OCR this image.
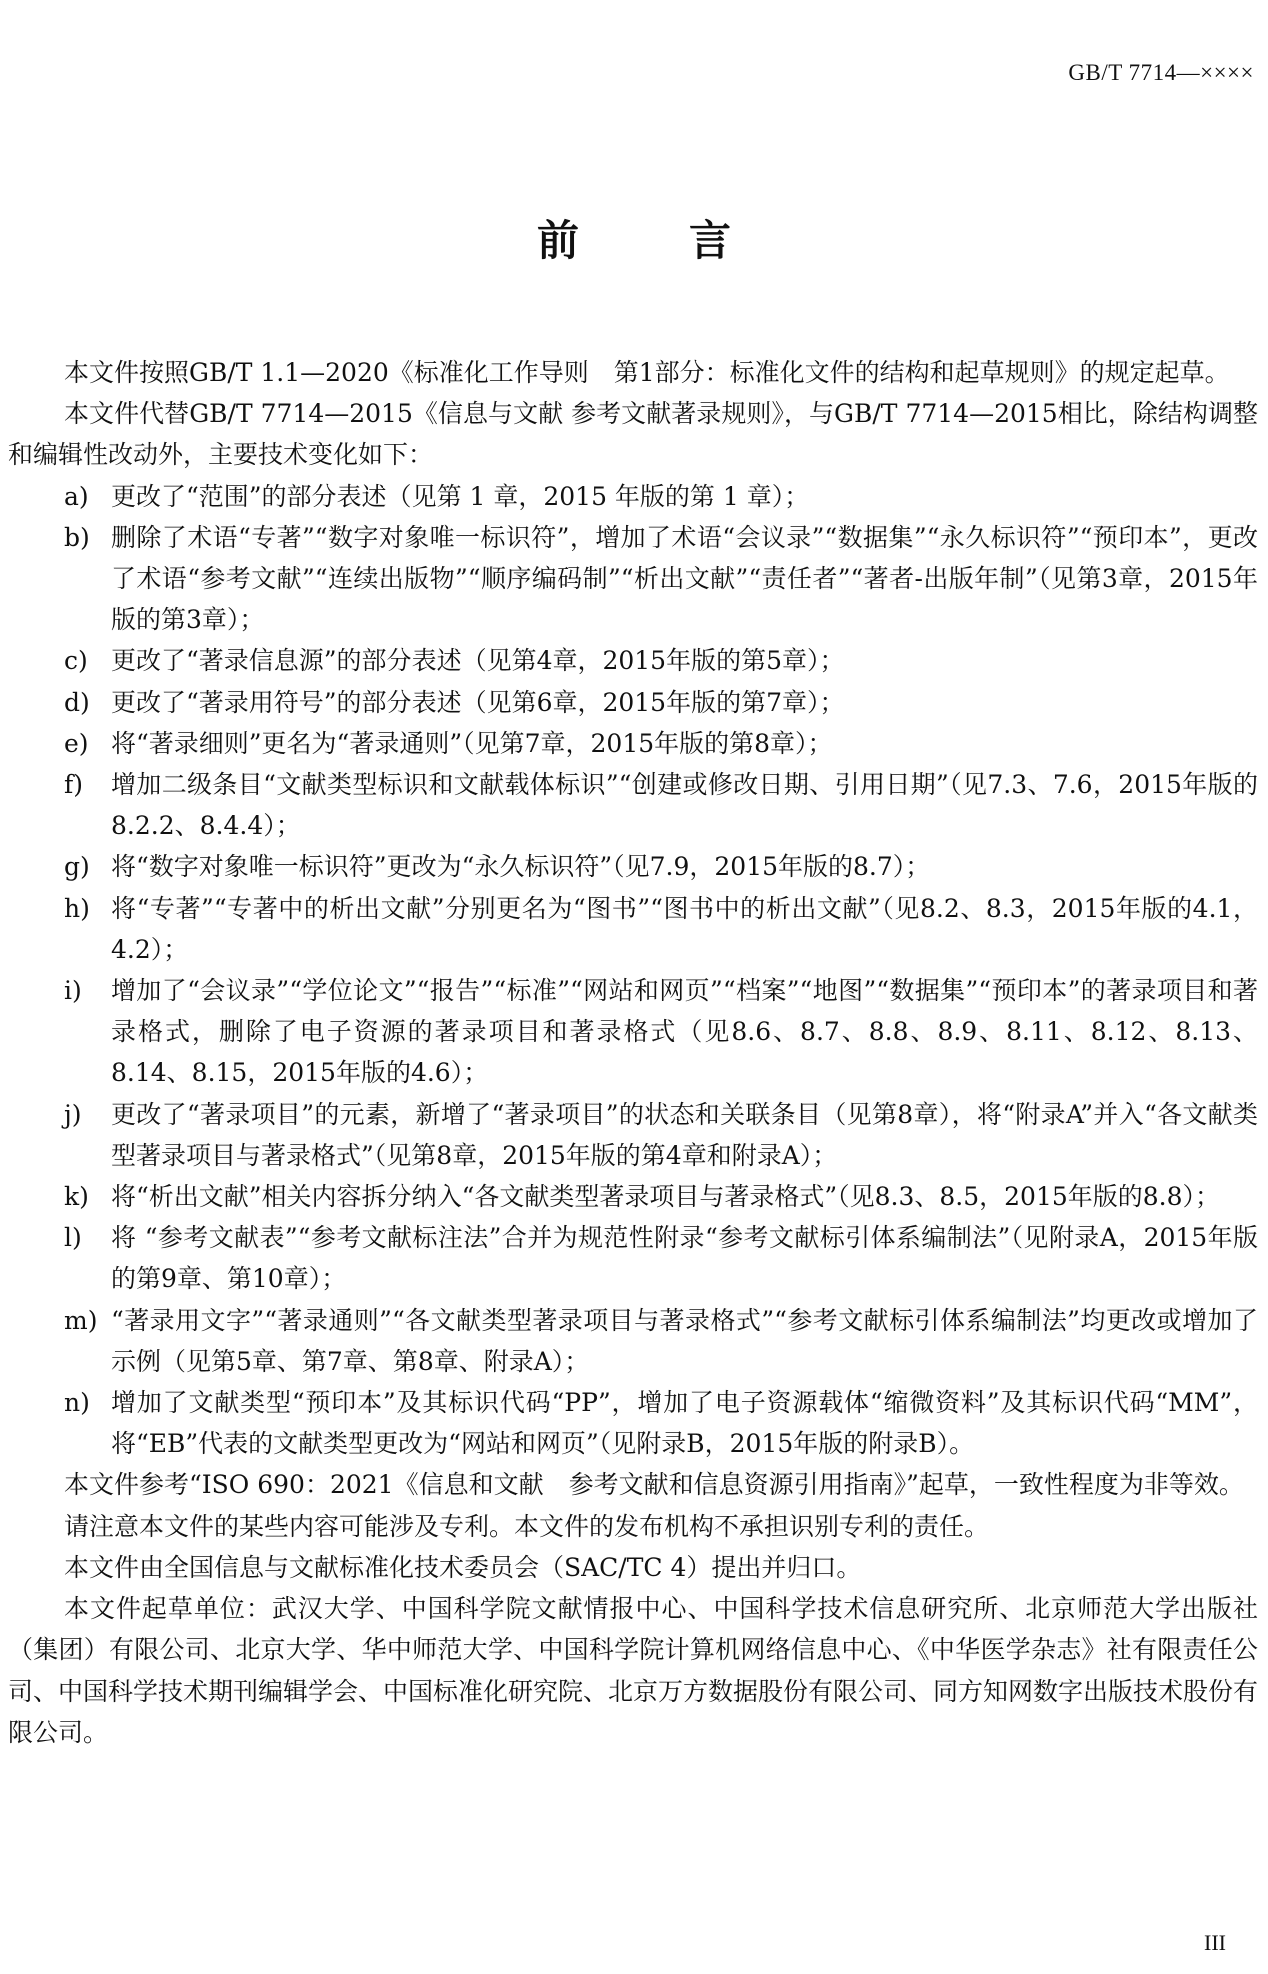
GB/T 7714—××××
前言

本文件按照GB/T 1.1—2020《标准化工作导则　第1部分：标准化文件的结构和起草规则》的规定起草。

本文件代替GB/T 7714—2015《信息与文献 参考文献著录规则》，与GB/T 7714—2015相比，除结构调整和编辑性改动外，主要技术变化如下：

a) 更改了“范围”的部分表述（见第 1 章，2015 年版的第 1 章）；
b) 删除了术语“专著”“数字对象唯一标识符”，增加了术语“会议录”“数据集”“永久标识符”“预印本”，更改了术语“参考文献”“连续出版物”“顺序编码制”“析出文献”“责任者”“著者-出版年制”（见第3章，2015年版的第3章）；
c) 更改了“著录信息源”的部分表述（见第4章，2015年版的第5章）；
d) 更改了“著录用符号”的部分表述（见第6章，2015年版的第7章）；
e) 将“著录细则”更名为“著录通则”（见第7章，2015年版的第8章）；
f) 增加二级条目“文献类型标识和文献载体标识”“创建或修改日期、引用日期”（见7.3、7.6，2015年版的8.2.2、8.4.4）；
g) 将“数字对象唯一标识符”更改为“永久标识符”（见7.9，2015年版的8.7）；
h) 将“专著”“专著中的析出文献”分别更名为“图书”“图书中的析出文献”（见8.2、8.3，2015年版的4.1，4.2）；
i) 增加了“会议录”“学位论文”“报告”“标准”“网站和网页”“档案”“地图”“数据集”“预印本”的著录项目和著录格式，删除了电子资源的著录项目和著录格式（见8.6、8.7、8.8、8.9、8.11、8.12、8.13、8.14、8.15，2015年版的4.6）；
j) 更改了“著录项目”的元素，新增了“著录项目”的状态和关联条目（见第8章），将“附录A”并入“各文献类型著录项目与著录格式”（见第8章，2015年版的第4章和附录A）；
k) 将“析出文献”相关内容拆分纳入“各文献类型著录项目与著录格式”（见8.3、8.5，2015年版的8.8）；
l) 将 “参考文献表”“参考文献标注法”合并为规范性附录“参考文献标引体系编制法”（见附录A，2015年版的第9章、第10章）；
m) “著录用文字”“著录通则”“各文献类型著录项目与著录格式”“参考文献标引体系编制法”均更改或增加了示例（见第5章、第7章、第8章、附录A）；
n) 增加了文献类型“预印本”及其标识代码“PP”，增加了电子资源载体“缩微资料”及其标识代码“MM”，将“EB”代表的文献类型更改为“网站和网页”（见附录B，2015年版的附录B）。

本文件参考“ISO 690：2021《信息和文献　参考文献和信息资源引用指南》”起草，一致性程度为非等效。

请注意本文件的某些内容可能涉及专利。本文件的发布机构不承担识别专利的责任。

本文件由全国信息与文献标准化技术委员会（SAC/TC 4）提出并归口。

本文件起草单位：武汉大学、中国科学院文献情报中心、中国科学技术信息研究所、北京师范大学出版社（集团）有限公司、北京大学、华中师范大学、中国科学院计算机网络信息中心、《中华医学杂志》社有限责任公司、中国科学技术期刊编辑学会、中国标准化研究院、北京万方数据股份有限公司、同方知网数字出版技术股份有限公司。

III
